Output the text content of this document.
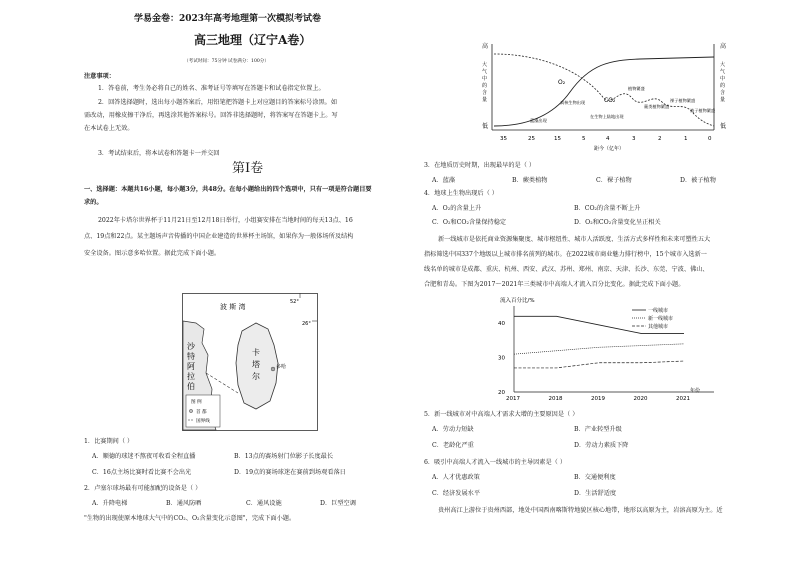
学易金卷：2023年高考地理第一次模拟考试卷
高三地理（辽宁A卷）
（考试时间：75分钟 试卷满分：100分）
注意事项：
1．答卷前，考生务必将自己的姓名、准考证号等填写在答题卡和试卷指定位置上。
2．回答选择题时，选出每小题答案后，用铅笔把答题卡上对应题目的答案标号涂黑。如
需改动，用橡皮擦干净后，再选涂其他答案标号。回答非选择题时，将答案写在答题卡上。写
在本试卷上无效。
3．考试结束后，将本试卷和答题卡一并交回
第Ⅰ卷
一、选择题：本题共16小题，每小题3分，共48分。在每小题给出的四个选项中，只有一项是符合题目要
求的。
2022年卡塔尔世界杯于11月21日至12月18日举行，小组赛安排在当地时间的每天13点、16
点、19点和22点。某主题场声音传播的中国企业建造的世界杯主场馆，如果你为一般体场所及结构
安全设备。图示意多哈位置。据此完成下面小题。
52°
26°
波 斯 湾
沙
特
阿
拉
伯
卡
塔
尔
多哈
图 例
首 都
国界线
1．比赛期间（ ）
A．顺德的球迷不熬夜可收看全程直播	B．13点的赛场射门位影子长度最长
C．16点主场比赛时看比赛不会出光	D．19点的赛场球迷在赛前到场观看落日
2．卢塞尔球场最有可能加配的设备是（ ）
A．升降电梯	B．通风防晒	C．通风设施	D．巨型空调
"生物的出现使原本地球大气中的CO₂、O₂含量变化示意图"，完成下面小题。
高
低
大
气
中
的
含
量
高
低
大
气
中
的
含
量
O₂
CO₂
蓝藻出现
真核生物出现
在生物上陆地出现
植物繁盛
蕨类植物繁盛
裸子植物繁盛
被子植物繁盛
35	25	15	5	4	3	2	1	0
距今（亿年）
3．在地质历史时期，出现最早的是（ ）
A．蓝藻	B．蕨类植物	C．裸子植物	D．被子植物
4．地球上生物出现后（ ）
A．O₂的含量上升	B．CO₂的含量不断上升
C．O₂和CO₂含量保持稳定	D．O₂和CO₂含量变化呈正相关
新一线城市是依托商业资源集聚度、城市枢纽性、城市人活跃度、生活方式多样性和未来可塑性五大
指标筛选中国337个地级以上城市排名前列的城市。在2022城市商业魅力排行榜中，15个城市入选新一
线名单的城市是成都、重庆、杭州、西安、武汉、苏州、郑州、南京、天津、长沙、东莞、宁波、佛山、
合肥和青岛。下图为2017～2021年三类城市中高端人才流入百分比变化。据此完成下面小题。
流入百分比/%
40
30
20
2017	2018	2019	2020	2021
年份
一线城市
新一线城市
其他城市
5．新一线城市对中高端人才需求大增的主要原因是（ ）
A．劳动力短缺	B．产业转型升级
C．老龄化严重	D．劳动力素质下降
6．吸引中高端人才流入一线城市的主导因素是（ ）
A．人才优惠政策	B．交通便利度
C．经济发展水平	D．生活舒适度
贵州高江上游位于贵州西部，地处中国西南喀斯特地貌区核心地带，地形以高原为主，岩溶高原为主。近
